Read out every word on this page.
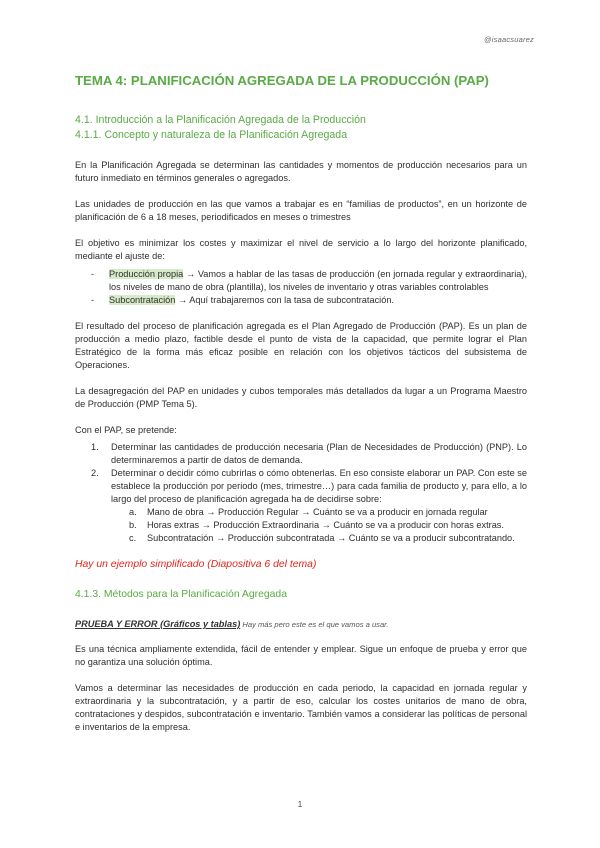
@isaacsuarez
TEMA 4: PLANIFICACIÓN AGREGADA DE LA PRODUCCIÓN (PAP)
4.1. Introducción a la Planificación Agregada de la Producción
4.1.1. Concepto y naturaleza de la Planificación Agregada

En la Planificación Agregada se determinan las cantidades y momentos de producción necesarios para un futuro inmediato en términos generales o agregados.

Las unidades de producción en las que vamos a trabajar es en “familias de productos”, en un horizonte de planificación de 6 a 18 meses, periodificados en meses o trimestres

El objetivo es minimizar los costes y maximizar el nivel de servicio a lo largo del horizonte planificado, mediante el ajuste de:

- Producción propia → Vamos a hablar de las tasas de producción (en jornada regular y extraordinaria), los niveles de mano de obra (plantilla), los niveles de inventario y otras variables controlables
- Subcontratación → Aquí trabajaremos con la tasa de subcontratación.

El resultado del proceso de planificación agregada es el Plan Agregado de Producción (PAP). Es un plan de producción a medio plazo, factible desde el punto de vista de la capacidad, que permite lograr el Plan Estratégico de la forma más eficaz posible en relación con los objetivos tácticos del subsistema de Operaciones.

La desagregación del PAP en unidades y cubos temporales más detallados da lugar a un Programa Maestro de Producción (PMP Tema 5).

Con el PAP, se pretende:

1. Determinar las cantidades de producción necesaria (Plan de Necesidades de Producción) (PNP). Lo determinaremos a partir de datos de demanda.
2. Determinar o decidir cómo cubrirlas o cómo obtenerlas. En eso consiste elaborar un PAP. Con este se establece la producción por periodo (mes, trimestre…) para cada familia de producto y, para ello, a lo largo del proceso de planificación agregada ha de decidirse sobre:
a. Mano de obra → Producción Regular → Cuánto se va a producir en jornada regular
b. Horas extras → Producción Extraordinaria → Cuánto se va a producir con horas extras.
c. Subcontratación → Producción subcontratada → Cuánto se va a producir subcontratando.
Hay un ejemplo simplificado (Diapositiva 6 del tema)
4.1.3. Métodos para la Planificación Agregada
PRUEBA Y ERROR (Gráficos y tablas) Hay más pero este es el que vamos a usar.

Es una técnica ampliamente extendida, fácil de entender y emplear. Sigue un enfoque de prueba y error que no garantiza una solución óptima.

Vamos a determinar las necesidades de producción en cada periodo, la capacidad en jornada regular y extraordinaria y la subcontratación, y a partir de eso, calcular los costes unitarios de mano de obra, contrataciones y despidos, subcontratación e inventario. También vamos a considerar las políticas de personal e inventarios de la empresa.

1
